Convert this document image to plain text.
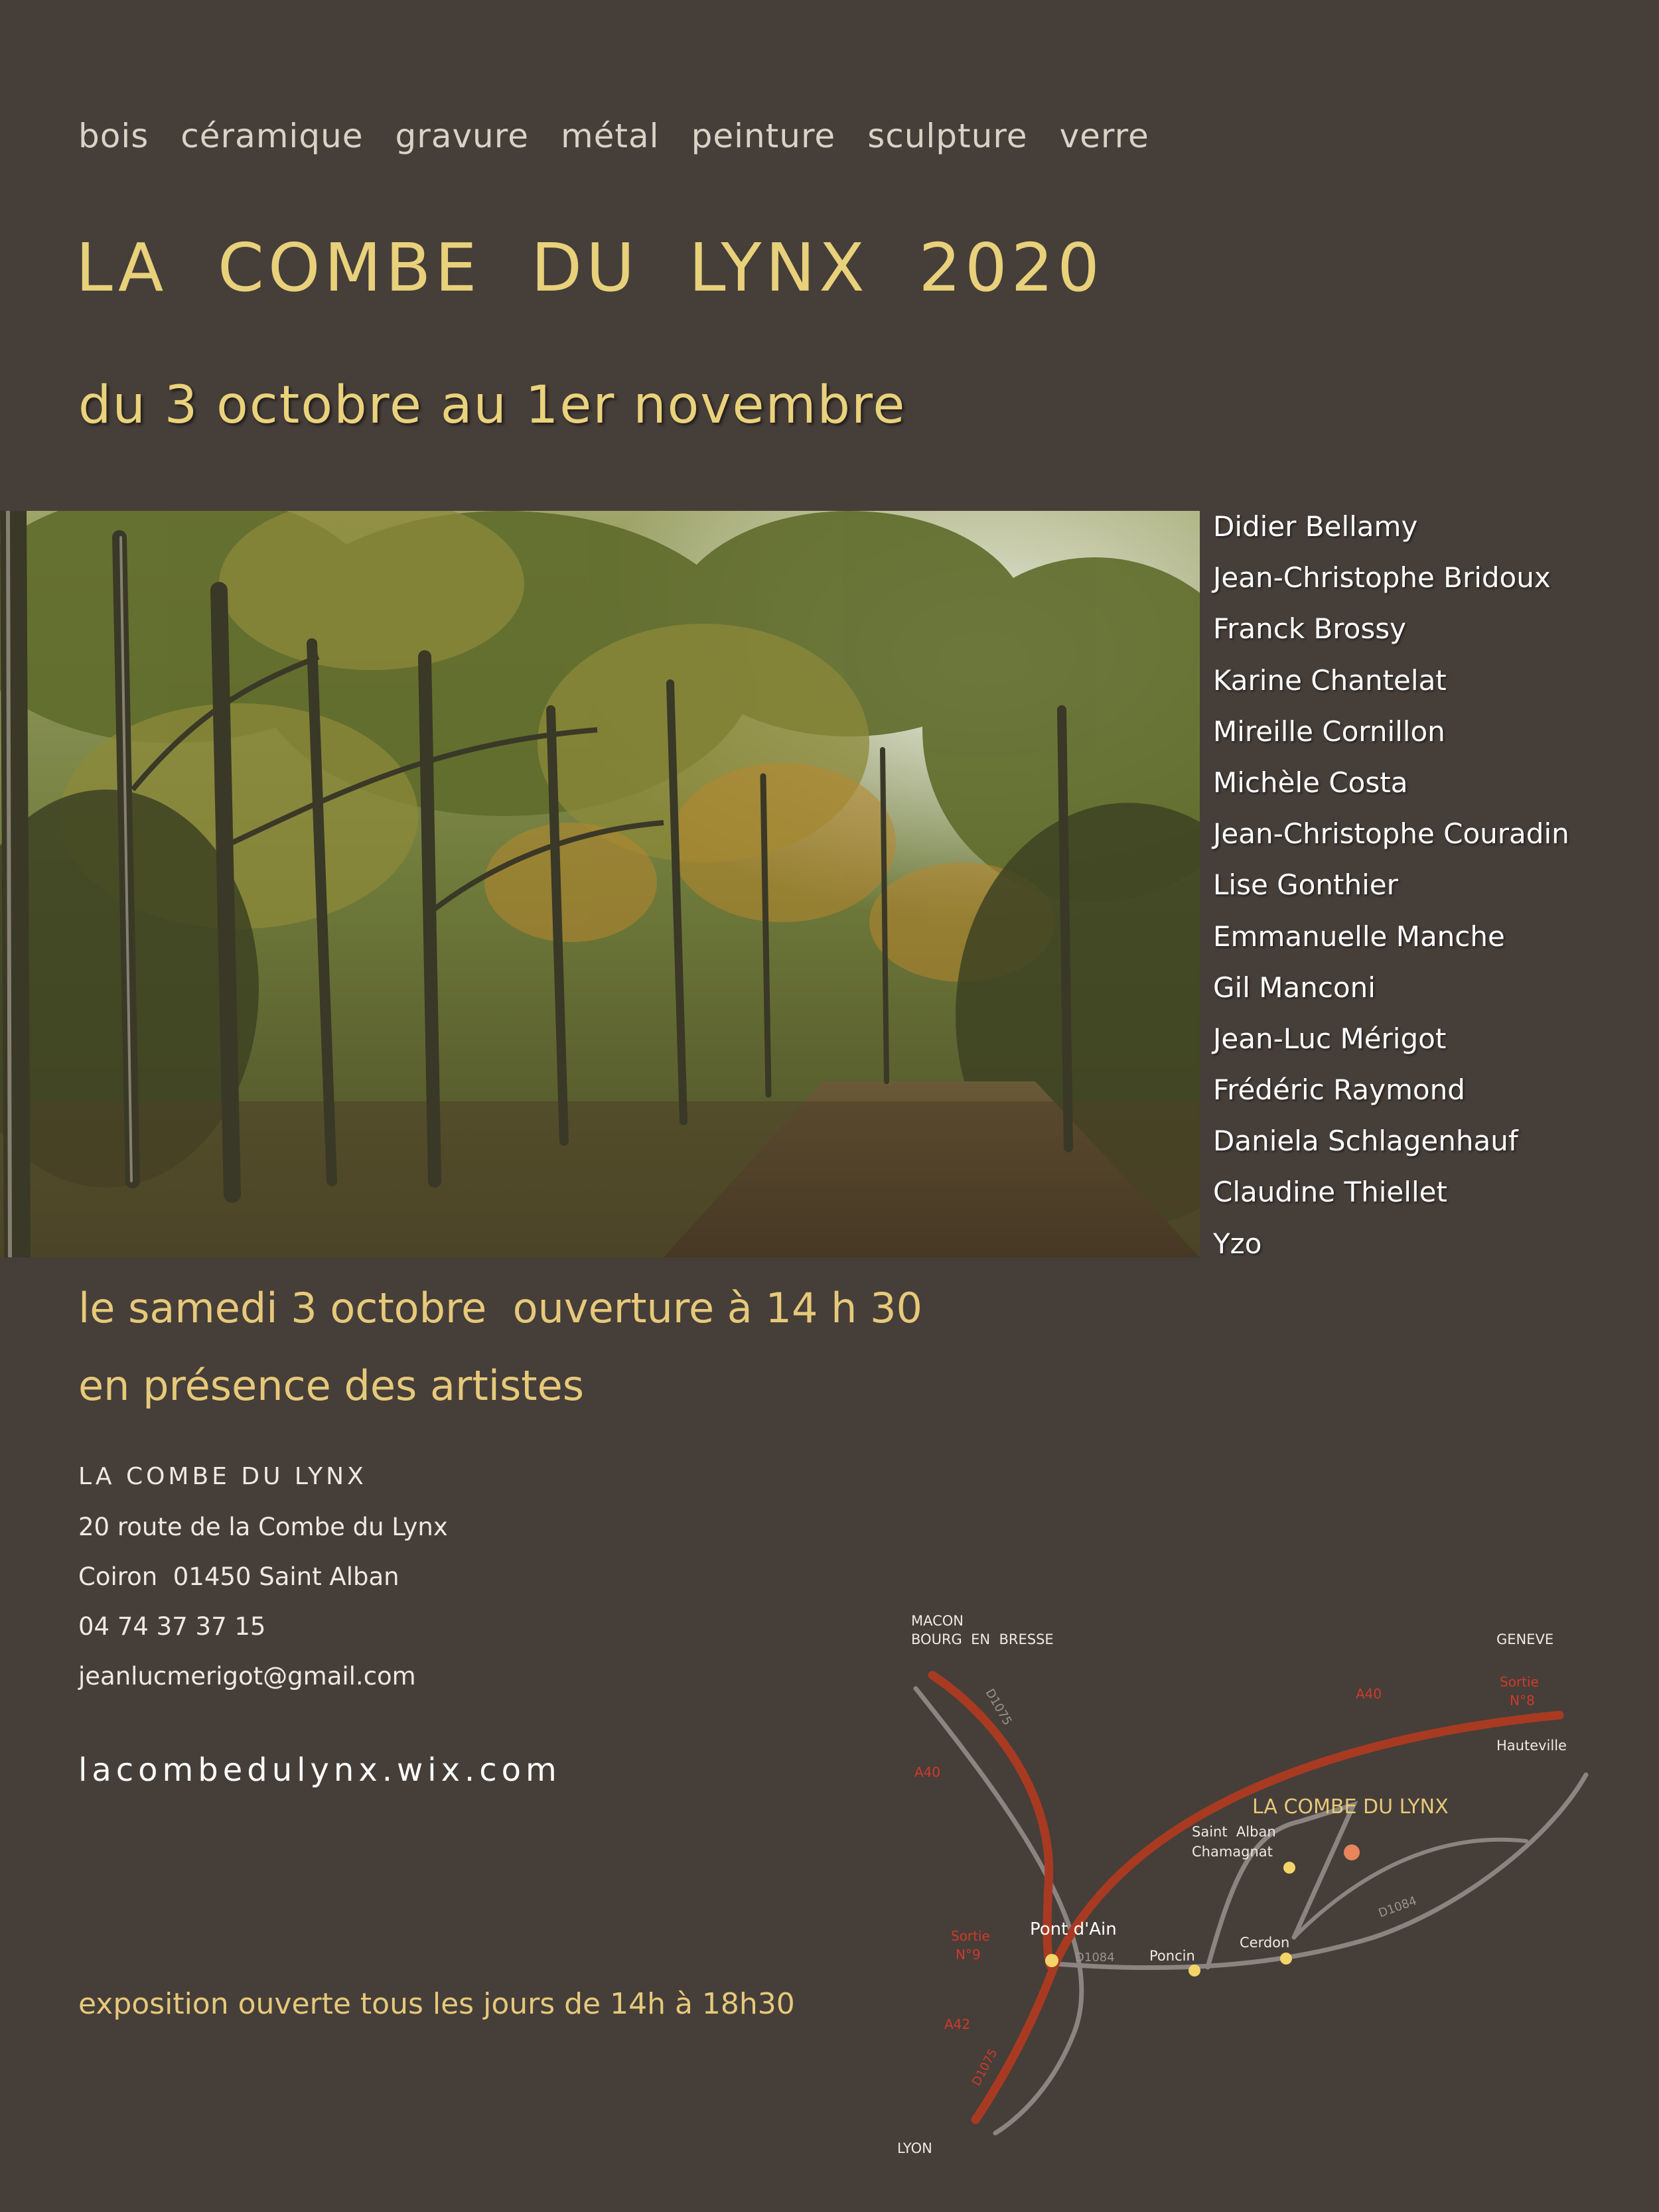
bois céramique gravure métal peinture sculpture verre
LA  COMBE  DU  LYNX  2020
du 3 octobre au 1er novembre
Didier Bellamy
Jean-Christophe Bridoux
Franck Brossy
Karine Chantelat
Mireille Cornillon
Michèle Costa
Jean-Christophe Couradin
Lise Gonthier
Emmanuelle Manche
Gil Manconi
Jean-Luc Mérigot
Frédéric Raymond
Daniela Schlagenhauf
Claudine Thiellet
Yzo
le samedi 3 octobre  ouverture à 14 h 30
en présence des artistes
LA COMBE DU LYNX
20 route de la Combe du Lynx
Coiron  01450 Saint Alban
04 74 37 37 15
jeanlucmerigot@gmail.com
lacombedulynx.wix.com
exposition ouverte tous les jours de 14h à 18h30
MACON
BOURG  EN  BRESSE	GENEVE
Hauteville
Saint  Alban
Chamagnat
Poncin
Cerdon
LYON
Pont d'Ain
LA COMBE DU LYNX
A40
Sortie
N°8
A40
Sortie
N°9
A42
D1075
D1084
D1084
D1075
